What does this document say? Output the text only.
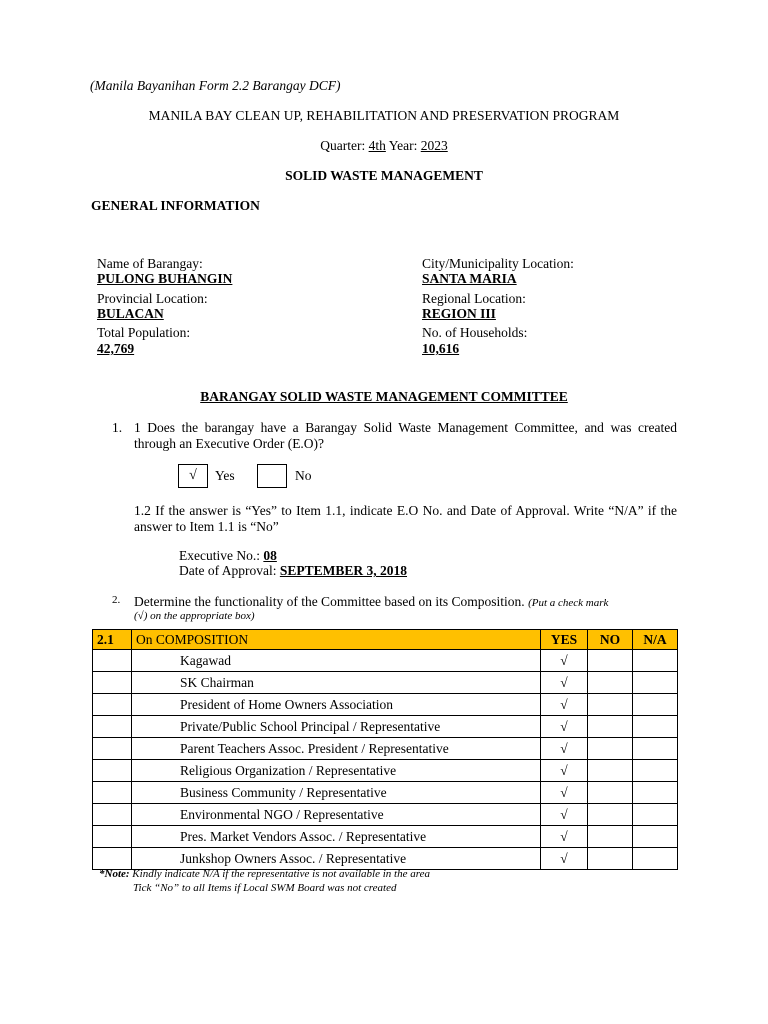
(Manila Bayanihan Form 2.2 Barangay DCF)
MANILA BAY CLEAN UP, REHABILITATION AND PRESERVATION PROGRAM
Quarter: 4th Year: 2023
SOLID WASTE MANAGEMENT
GENERAL INFORMATION
Name of Barangay:
PULONG BUHANGIN
City/Municipality Location:
SANTA MARIA
Provincial Location:
BULACAN
Regional Location:
REGION III
Total Population:
42,769
No. of Households:
10,616
BARANGAY SOLID WASTE MANAGEMENT COMMITTEE
1. 1 Does the barangay have a Barangay Solid Waste Management Committee, and was created through an Executive Order (E.O)?
√	Yes	No
1.2 If the answer is “Yes” to Item 1.1, indicate E.O No. and Date of Approval. Write “N/A” if the answer to Item 1.1 is “No”
Executive No.: 08
Date of Approval: SEPTEMBER 3, 2018
2. Determine the functionality of the Committee based on its Composition. (Put a check mark
(√) on the appropriate box)
2.1	On COMPOSITION	YES	NO	N/A
	Kagawad	√		
	SK Chairman	√		
	President of Home Owners Association	√		
	Private/Public School Principal / Representative	√		
	Parent Teachers Assoc. President / Representative	√		
	Religious Organization / Representative	√		
	Business Community / Representative	√		
	Environmental NGO / Representative	√		
	Pres. Market Vendors Assoc. / Representative	√		
	Junkshop Owners Assoc. / Representative	√		
*Note: Kindly indicate N/A if the representative is not available in the area
Tick “No” to all Items if Local SWM Board was not created
